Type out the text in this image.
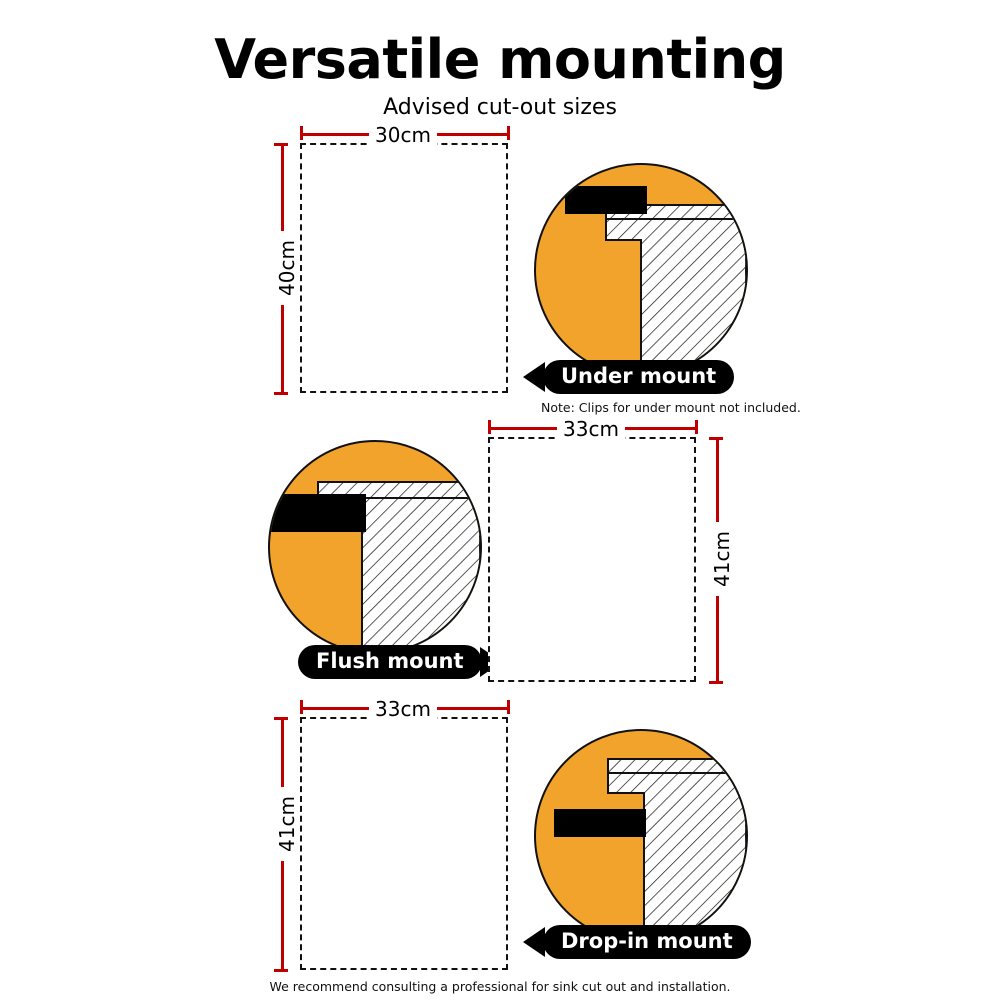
Versatile mounting
Advised cut-out sizes
30cm
40cm
Under mount
Note: Clips for under mount not included.
Flush mount
33cm
41cm
33cm
41cm
Drop-in mount
We recommend consulting a professional for sink cut out and installation.
